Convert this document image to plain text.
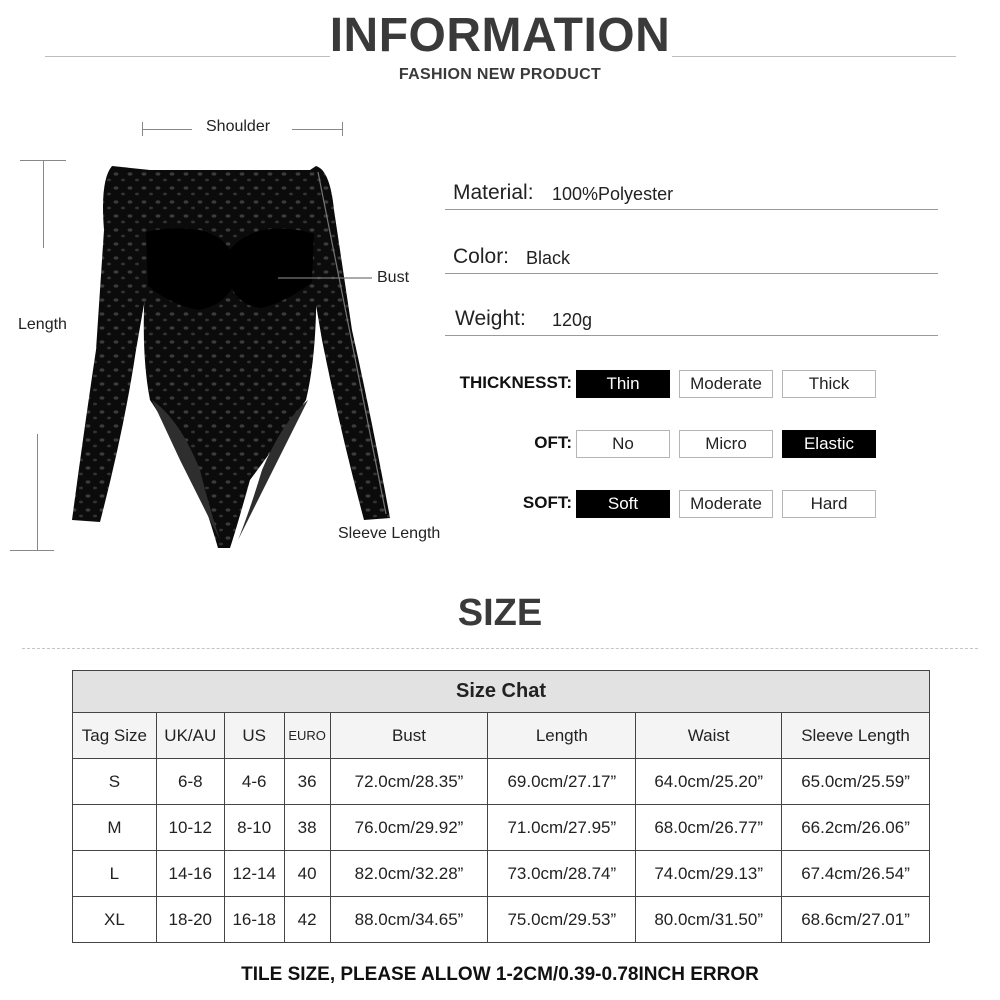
INFORMATION
FASHION NEW PRODUCT
Shoulder
Length
Bust
Sleeve Length
Material: 100%Polyester
Color: Black
Weight: 120g
THICKNESST:	Thin	Moderate	Thick
OFT:	No	Micro	Elastic
SOFT:	Soft	Moderate	Hard
SIZE
Size Chat							
Tag Size	UK/AU	US	EURO	Bust	Length	Waist	Sleeve Length
S	6-8	4-6	36	72.0cm/28.35”	69.0cm/27.17”	64.0cm/25.20”	65.0cm/25.59”
M	10-12	8-10	38	76.0cm/29.92”	71.0cm/27.95”	68.0cm/26.77”	66.2cm/26.06”
L	14-16	12-14	40	82.0cm/32.28”	73.0cm/28.74”	74.0cm/29.13”	67.4cm/26.54”
XL	18-20	16-18	42	88.0cm/34.65”	75.0cm/29.53”	80.0cm/31.50”	68.6cm/27.01”
TILE SIZE, PLEASE ALLOW 1-2CM/0.39-0.78INCH ERROR
